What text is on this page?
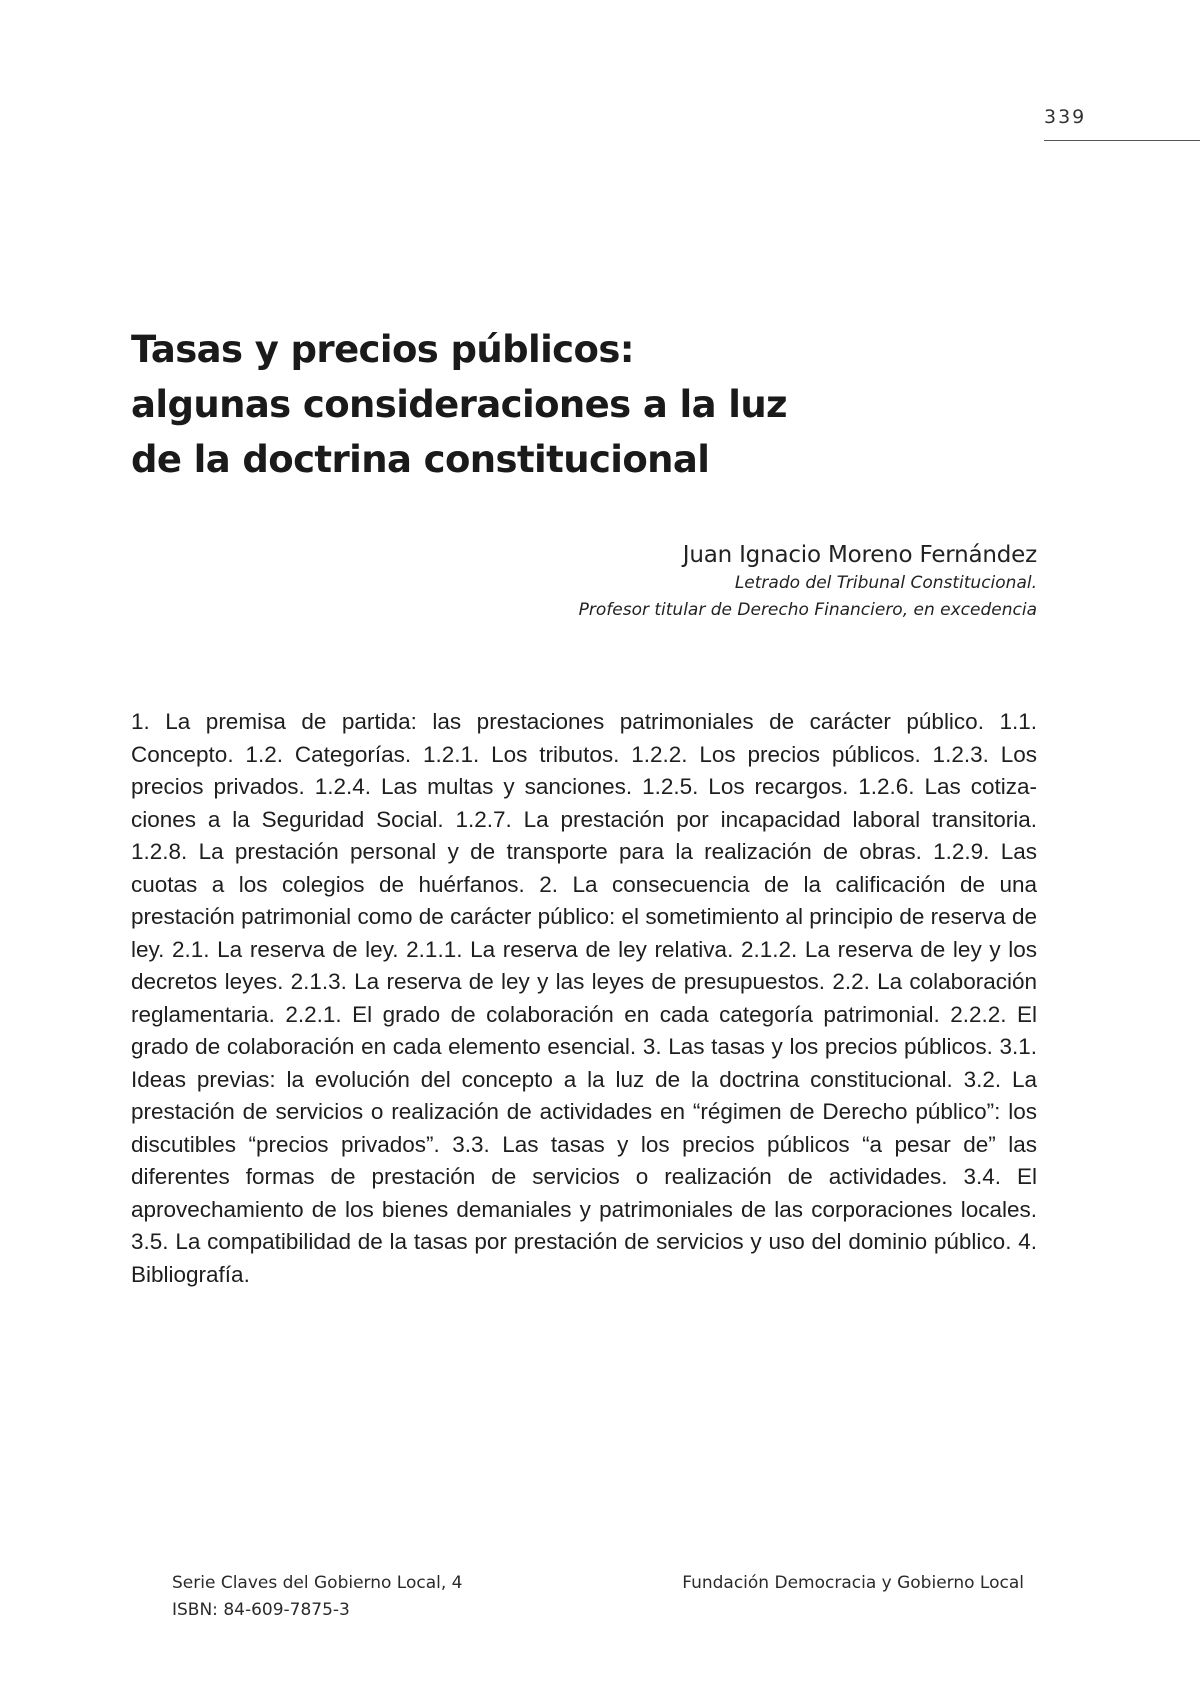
339
Tasas y precios públicos:
algunas consideraciones a la luz
de la doctrina constitucional
Juan Ignacio Moreno Fernández
Letrado del Tribunal Constitucional.
Profesor titular de Derecho Financiero, en excedencia

1. La premisa de partida: las prestaciones patrimoniales de carácter público. 1.1. Concepto. 1.2. Categorías. 1.2.1. Los tributos. 1.2.2. Los precios públicos. 1.2.3. Los precios privados. 1.2.4. Las multas y sanciones. 1.2.5. Los recargos. 1.2.6. Las cotizaciones a la Seguridad Social. 1.2.7. La prestación por incapacidad laboral transitoria. 1.2.8. La prestación personal y de transporte para la realización de obras. 1.2.9. Las cuotas a los colegios de huérfanos. 2. La consecuencia de la calificación de una prestación patrimonial como de carácter público: el sometimiento al principio de reserva de ley. 2.1. La reserva de ley. 2.1.1. La reserva de ley relativa. 2.1.2. La reserva de ley y los decretos leyes. 2.1.3. La reserva de ley y las leyes de presupuestos. 2.2. La colaboración reglamentaria. 2.2.1. El grado de colaboración en cada categoría patrimonial. 2.2.2. El grado de colaboración en cada elemento esencial. 3. Las tasas y los precios públicos. 3.1. Ideas previas: la evolución del concepto a la luz de la doctrina constitucional. 3.2. La prestación de servicios o realización de actividades en “régimen de Derecho público”: los discutibles “precios privados”. 3.3. Las tasas y los precios públicos “a pesar de” las diferentes formas de prestación de servicios o realización de actividades. 3.4. El aprovechamiento de los bienes demaniales y patrimoniales de las corporaciones locales. 3.5. La compatibilidad de la tasas por prestación de servicios y uso del dominio público. 4. Bibliografía.

Serie Claves del Gobierno Local, 4
ISBN: 84-609-7875-3
Fundación Democracia y Gobierno Local
